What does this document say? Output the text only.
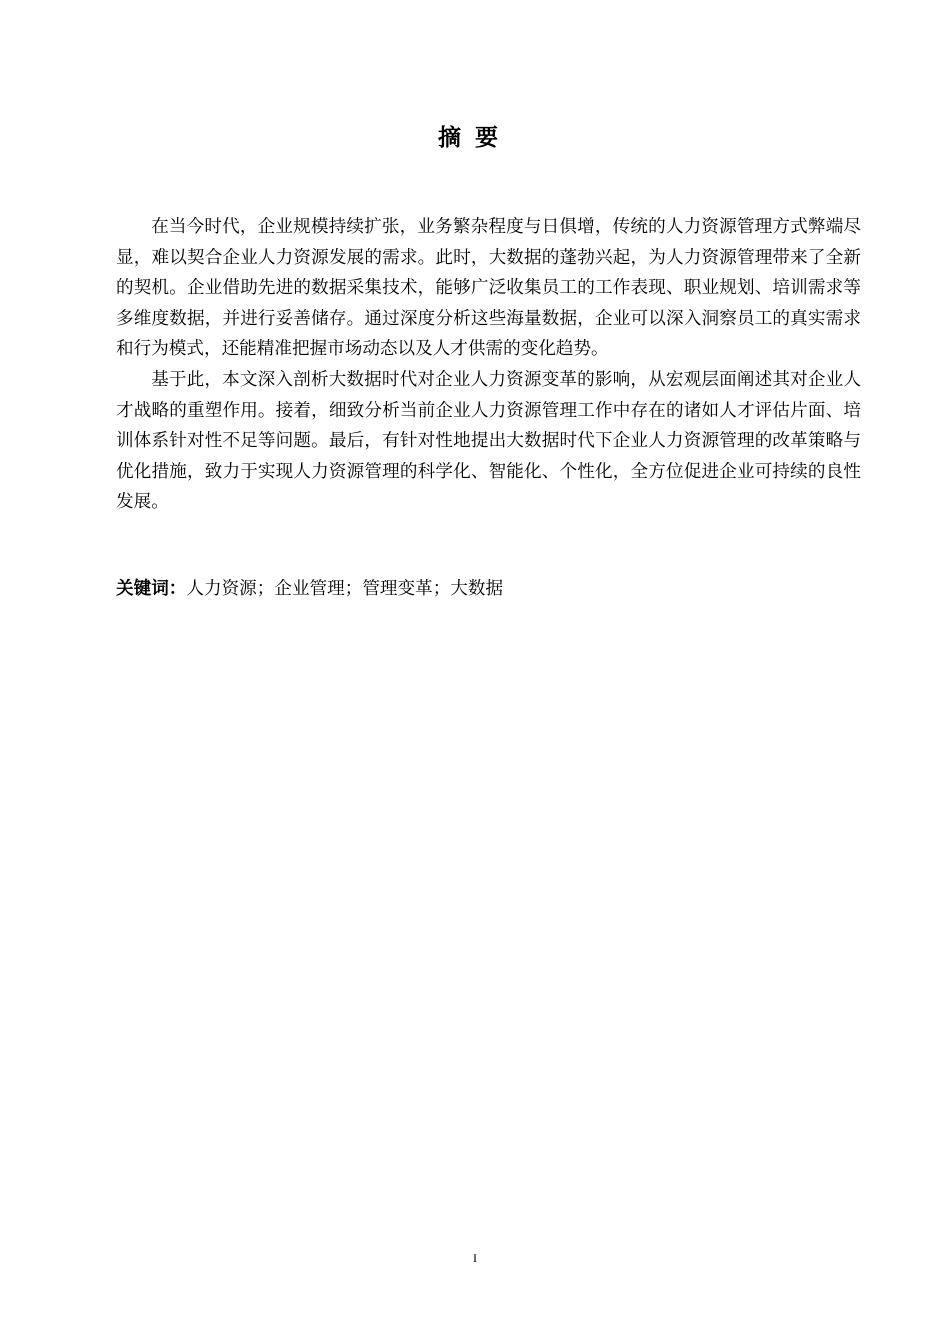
摘要

在当今时代，企业规模持续扩张，业务繁杂程度与日俱增，传统的人力资源管理方式弊端尽显，难以契合企业人力资源发展的需求。此时，大数据的蓬勃兴起，为人力资源管理带来了全新的契机。企业借助先进的数据采集技术，能够广泛收集员工的工作表现、职业规划、培训需求等多维度数据，并进行妥善储存。通过深度分析这些海量数据，企业可以深入洞察员工的真实需求和行为模式，还能精准把握市场动态以及人才供需的变化趋势。

基于此，本文深入剖析大数据时代对企业人力资源变革的影响，从宏观层面阐述其对企业人才战略的重塑作用。接着，细致分析当前企业人力资源管理工作中存在的诸如人才评估片面、培训体系针对性不足等问题。最后，有针对性地提出大数据时代下企业人力资源管理的改革策略与优化措施，致力于实现人力资源管理的科学化、智能化、个性化，全方位促进企业可持续的良性发展。

关键词：人力资源；企业管理；管理变革；大数据
I
